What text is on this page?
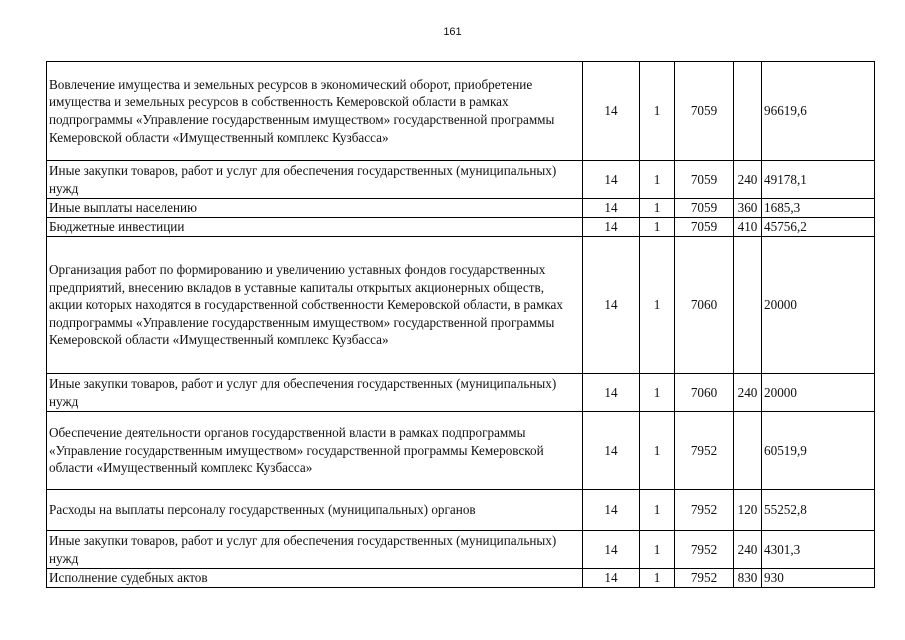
161
Вовлечение имущества и земельных ресурсов в экономический оборот, приобретение имущества и земельных ресурсов в собственность Кемеровской области в рамках подпрограммы «Управление государственным имуществом» государственной программы Кемеровской области «Имущественный комплекс Кузбасса»	14	1	7059		96619,6
Иные закупки товаров, работ и услуг для обеспечения государственных (муниципальных) нужд	14	1	7059	240	49178,1
Иные выплаты населению	14	1	7059	360	1685,3
Бюджетные инвестиции	14	1	7059	410	45756,2
Организация работ по формированию и увеличению уставных фондов государственных предприятий, внесению вкладов в уставные капиталы открытых акционерных обществ, акции которых находятся в государственной собственности Кемеровской области, в рамках подпрограммы «Управление государственным имуществом» государственной программы Кемеровской области «Имущественный комплекс Кузбасса»	14	1	7060		20000
Иные закупки товаров, работ и услуг для обеспечения государственных (муниципальных) нужд	14	1	7060	240	20000
Обеспечение деятельности органов государственной власти в рамках подпрограммы «Управление государственным имуществом» государственной программы Кемеровской области «Имущественный комплекс Кузбасса»	14	1	7952		60519,9
Расходы на выплаты персоналу государственных (муниципальных) органов	14	1	7952	120	55252,8
Иные закупки товаров, работ и услуг для обеспечения государственных (муниципальных) нужд	14	1	7952	240	4301,3
Исполнение судебных актов	14	1	7952	830	930
